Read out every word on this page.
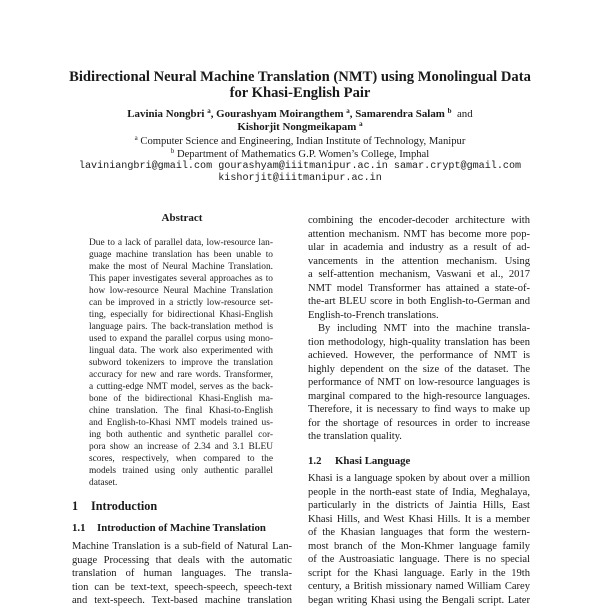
Bidirectional Neural Machine Translation (NMT) using Monolingual Data
for Khasi-English Pair
Lavinia Nongbri $^a$, Gourashyam Moirangthem $^a$, Samarendra Salam $^b$ and
Kishorjit Nongmeikapam $^a$
$^a$ Computer Science and Engineering, Indian Institute of Technology, Manipur
$^b$ Department of Mathematics G.P. Women’s College, Imphal
laviniangbri@gmail.com gourashyam@iiitmanipur.ac.in samar.crypt@gmail.com
kishorjit@iiitmanipur.ac.in
Abstract
Due to a lack of parallel data, low-resource lan-
guage machine translation has been unable to
make the most of Neural Machine Translation.
This paper investigates several approaches as to
how low-resource Neural Machine Translation
can be improved in a strictly low-resource set-
ting, especially for bidirectional Khasi-English
language pairs. The back-translation method is
used to expand the parallel corpus using mono-
lingual data. The work also experimented with
subword tokenizers to improve the translation
accuracy for new and rare words. Transformer,
a cutting-edge NMT model, serves as the back-
bone of the bidirectional Khasi-English ma-
chine translation. The final Khasi-to-English
and English-to-Khasi NMT models trained us-
ing both authentic and synthetic parallel cor-
pora show an increase of 2.34 and 3.1 BLEU
scores, respectively, when compared to the
models trained using only authentic parallel
dataset.
1 Introduction
1.1 Introduction of Machine Translation
Machine Translation is a sub-field of Natural Lan-
guage Processing that deals with the automatic
translation of human languages. The transla-
tion can be text-text, speech-speech, speech-text
and text-speech. Text-based machine translation
combining the encoder-decoder architecture with
attention mechanism. NMT has become more pop-
ular in academia and industry as a result of ad-
vancements in the attention mechanism. Using
a self-attention mechanism, Vaswani et al., 2017
NMT model Transformer has attained a state-of-
the-art BLEU score in both English-to-German and
English-to-French translations.
By including NMT into the machine transla-
tion methodology, high-quality translation has been
achieved. However, the performance of NMT is
highly dependent on the size of the dataset. The
performance of NMT on low-resource languages is
marginal compared to the high-resource languages.
Therefore, it is necessary to find ways to make up
for the shortage of resources in order to increase
the translation quality.
1.2 Khasi Language
Khasi is a language spoken by about over a million
people in the north-east state of India, Meghalaya,
particularly in the districts of Jaintia Hills, East
Khasi Hills, and West Khasi Hills. It is a member
of the Khasian languages that form the western-
most branch of the Mon-Khmer language family
of the Austroasiatic language. There is no special
script for the Khasi language. Early in the 19th
century, a British missionary named William Carey
began writing Khasi using the Bengali script. Later
